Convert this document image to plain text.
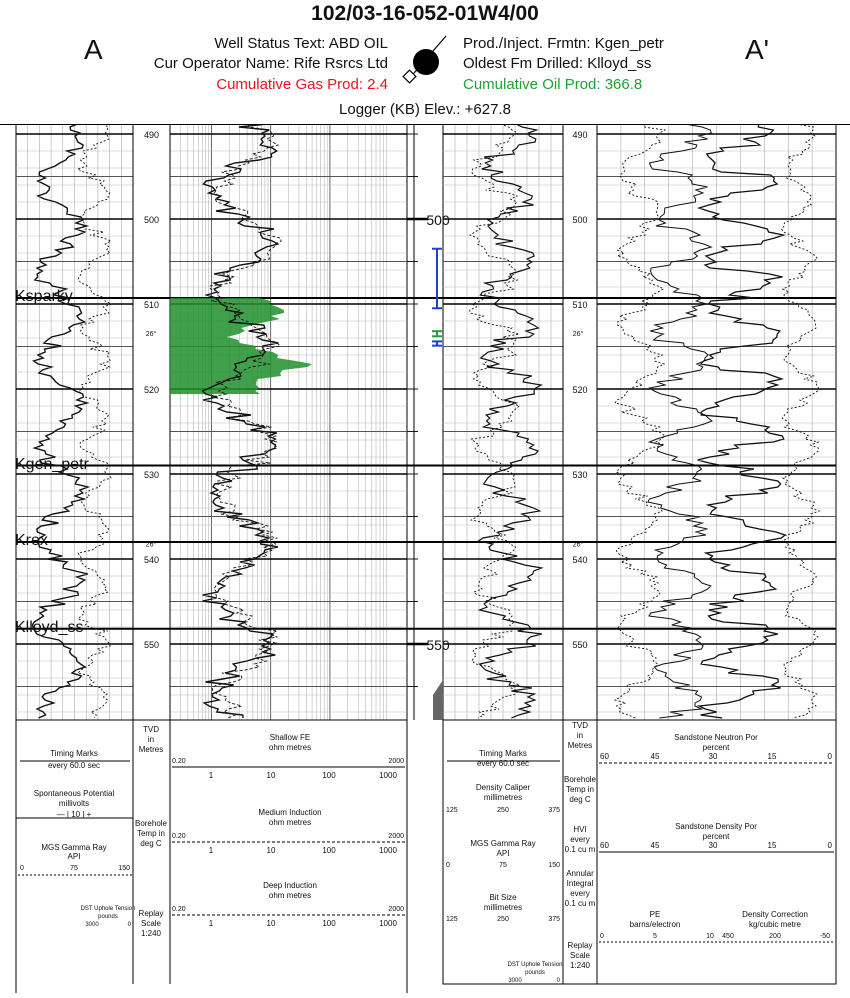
102/03-16-052-01W4/00
A	A'
Well Status Text: ABD OIL
Cur Operator Name: Rife Rsrcs Ltd
Cumulative Gas Prod: 2.4
Prod./Inject. Frmtn: Kgen_petr
Oldest Fm Drilled: Klloyd_ss
Cumulative Oil Prod: 366.8
Logger (KB) Elev.: +627.8
490
500
510
520
530
540
550
490
500
510
520
530
540
550
26°
26°
26°
26°
500
550
Timing Marks
every 60.0 sec
Spontaneous Potential
millivolts
— | 10 | +
MGS Gamma Ray
API
0	75	150
DST Uphole Tension
pounds
3000	0
TVD
in
Metres
Borehole
Temp in
deg C
Replay
Scale
1:240
Shallow FE
ohm metres
0.20	2000
1	10	100	1000
Medium Induction
ohm metres
0.20	2000
1	10	100	1000
Deep Induction
ohm metres
0.20	2000
1	10	100	1000
Timing Marks
every 60.0 sec
Density Caliper
millimetres
125	250	375
MGS Gamma Ray
API
0	75	150
Bit Size
millimetres
125	250	375
DST Uphole Tension
pounds
3000	0
TVD
in
Metres
Borehole
Temp in
deg C
HVI
every
0.1 cu m
Annular
Integral
every
0.1 cu m
Replay
Scale
1:240
Sandstone Neutron Por
percent
60	45	30	15	0
Sandstone Density Por
percent
60	45	30	15	0
PE
barns/electron
0	5	10
Density Correction
kg/cubic metre
450	200	-50
Ksparky
Kgen_petr
Krex
Klloyd_ss
